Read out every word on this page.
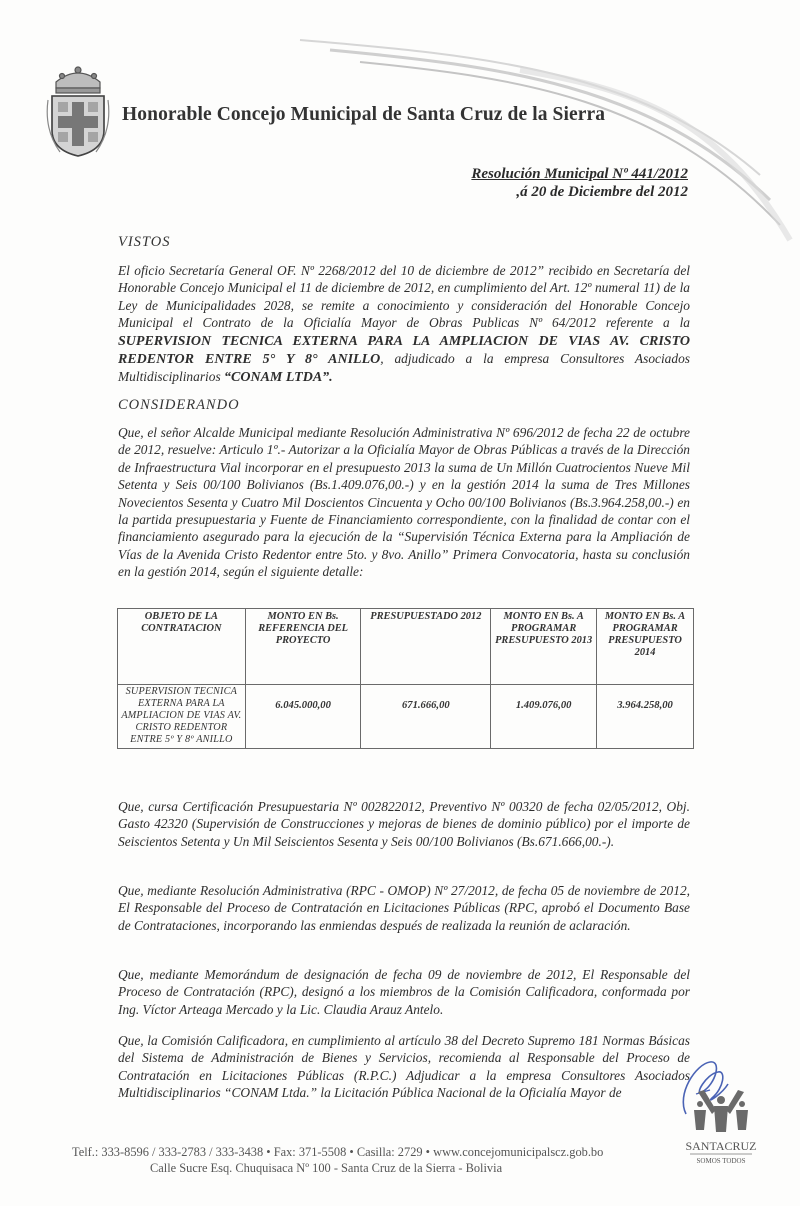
Honorable Concejo Municipal de Santa Cruz de la Sierra
Resolución Municipal Nº 441/2012
,á 20 de Diciembre del 2012
VISTOS
El oficio Secretaría General OF. Nº 2268/2012 del 10 de diciembre de 2012” recibido en Secretaría del Honorable Concejo Municipal el 11 de diciembre de 2012, en cumplimiento del Art. 12º numeral 11) de la Ley de Municipalidades 2028, se remite a conocimiento y consideración del Honorable Concejo Municipal el Contrato de la Oficialía Mayor de Obras Publicas Nº 64/2012 referente a la SUPERVISION TECNICA EXTERNA PARA LA AMPLIACION DE VIAS AV. CRISTO REDENTOR ENTRE 5° Y 8° ANILLO, adjudicado a la empresa Consultores Asociados Multidisciplinarios “CONAM LTDA”.
CONSIDERANDO
Que, el señor Alcalde Municipal mediante Resolución Administrativa Nº 696/2012 de fecha 22 de octubre de 2012, resuelve: Articulo 1º.- Autorizar a la Oficialía Mayor de Obras Públicas a través de la Dirección de Infraestructura Vial incorporar en el presupuesto 2013 la suma de Un Millón Cuatrocientos Nueve Mil Setenta y Seis 00/100 Bolivianos (Bs.1.409.076,00.-) y en la gestión 2014 la suma de Tres Millones Novecientos Sesenta y Cuatro Mil Doscientos Cincuenta y Ocho 00/100 Bolivianos (Bs.3.964.258,00.-) en la partida presupuestaria y Fuente de Financiamiento correspondiente, con la finalidad de contar con el financiamiento asegurado para la ejecución de la “Supervisión Técnica Externa para la Ampliación de Vías de la Avenida Cristo Redentor entre 5to. y 8vo. Anillo” Primera Convocatoria, hasta su conclusión en la gestión 2014, según el siguiente detalle:
OBJETO DE LA CONTRATACION	MONTO EN Bs. REFERENCIA DEL PROYECTO	PRESUPUESTADO 2012	MONTO EN Bs. A PROGRAMAR PRESUPUESTO 2013	MONTO EN Bs. A PROGRAMAR PRESUPUESTO 2014
SUPERVISION TECNICA EXTERNA PARA LA AMPLIACION DE VIAS AV. CRISTO REDENTOR ENTRE 5º Y 8º ANILLO	6.045.000,00	671.666,00	1.409.076,00	3.964.258,00
Que, cursa Certificación Presupuestaria Nº 002822012, Preventivo Nº 00320 de fecha 02/05/2012, Obj. Gasto 42320 (Supervisión de Construcciones y mejoras de bienes de dominio público) por el importe de Seiscientos Setenta y Un Mil Seiscientos Sesenta y Seis 00/100 Bolivianos (Bs.671.666,00.-).
Que, mediante Resolución Administrativa (RPC - OMOP) Nº 27/2012, de fecha 05 de noviembre de 2012, El Responsable del Proceso de Contratación en Licitaciones Públicas (RPC, aprobó el Documento Base de Contrataciones, incorporando las enmiendas después de realizada la reunión de aclaración.
Que, mediante Memorándum de designación de fecha 09 de noviembre de 2012, El Responsable del Proceso de Contratación (RPC), designó a los miembros de la Comisión Calificadora, conformada por Ing. Víctor Arteaga Mercado y la Lic. Claudia Arauz Antelo.
Que, la Comisión Calificadora, en cumplimiento al artículo 38 del Decreto Supremo 181 Normas Básicas del Sistema de Administración de Bienes y Servicios, recomienda al Responsable del Proceso de Contratación en Licitaciones Públicas (R.P.C.) Adjudicar a la empresa Consultores Asociados Multidisciplinarios “CONAM Ltda.” la Licitación Pública Nacional de la Oficialía Mayor de
SANTACRUZ
SOMOS TODOS
Telf.: 333-8596 / 333-2783 / 333-3438 • Fax: 371-5508 • Casilla: 2729 • www.concejomunicipalscz.gob.bo
Calle Sucre Esq. Chuquisaca Nº 100 - Santa Cruz de la Sierra - Bolivia
